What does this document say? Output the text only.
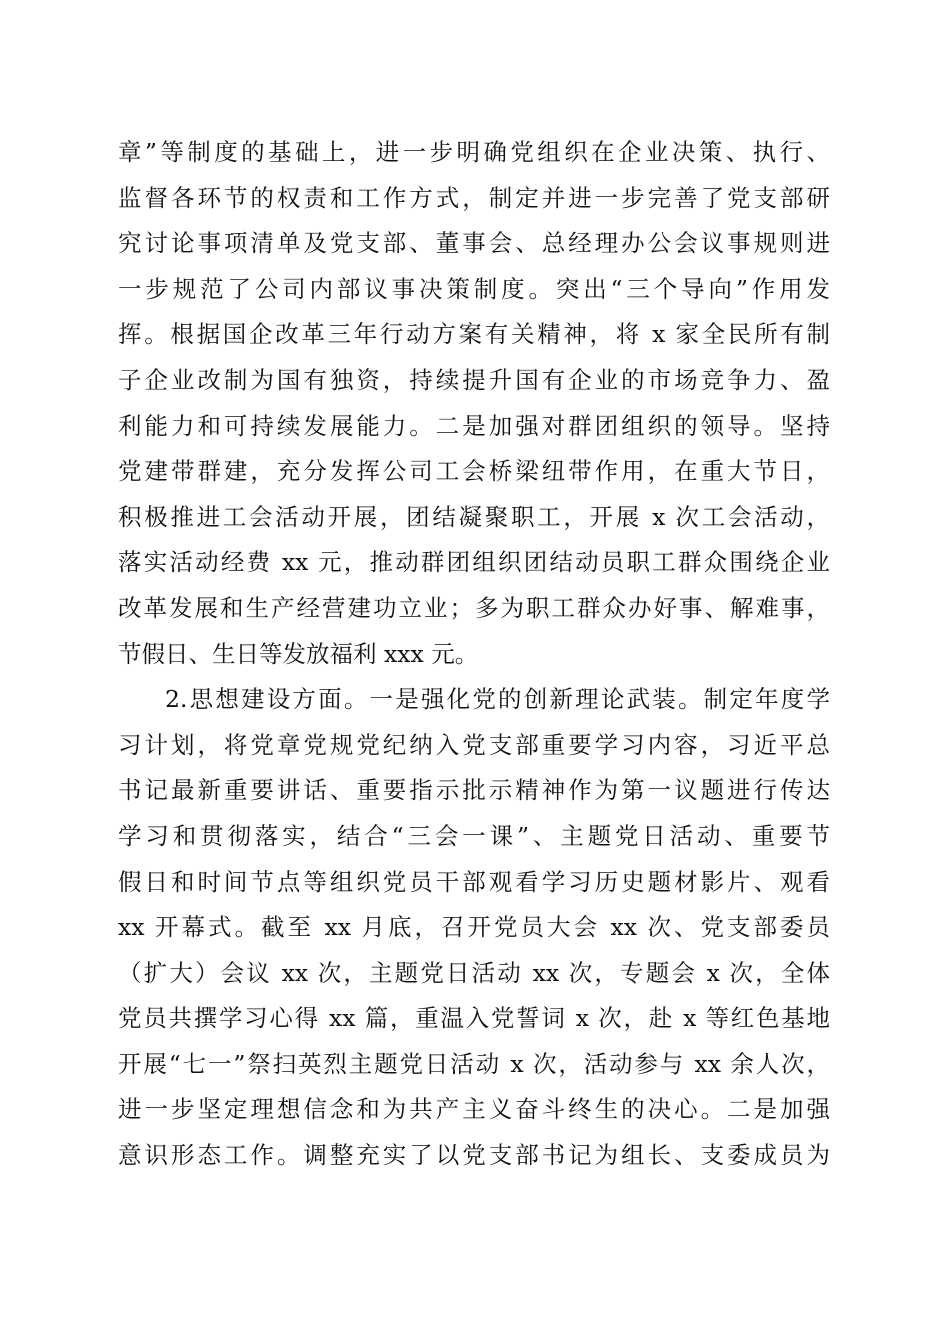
章”等制度的基础上，进一步明确党组织在企业决策、执行、
监督各环节的权责和工作方式，制定并进一步完善了党支部研
究讨论事项清单及党支部、董事会、总经理办公会议事规则进
一步规范了公司内部议事决策制度。突出“三个导向”作用发
挥。根据国企改革三年行动方案有关精神，将 x 家全民所有制
子企业改制为国有独资，持续提升国有企业的市场竞争力、盈
利能力和可持续发展能力。二是加强对群团组织的领导。坚持
党建带群建，充分发挥公司工会桥梁纽带作用，在重大节日，
积极推进工会活动开展，团结凝聚职工，开展 x 次工会活动，
落实活动经费 xx 元，推动群团组织团结动员职工群众围绕企业
改革发展和生产经营建功立业；多为职工群众办好事、解难事，
节假日、生日等发放福利 xxx 元。
2.思想建设方面。一是强化党的创新理论武装。制定年度学
习计划，将党章党规党纪纳入党支部重要学习内容，习近平总
书记最新重要讲话、重要指示批示精神作为第一议题进行传达
学习和贯彻落实，结合“三会一课”、主题党日活动、重要节
假日和时间节点等组织党员干部观看学习历史题材影片、观看
xx 开幕式。截至 xx 月底，召开党员大会 xx 次、党支部委员
（扩大）会议 xx 次，主题党日活动 xx 次，专题会 x 次，全体
党员共撰学习心得 xx 篇，重温入党誓词 x 次，赴 x 等红色基地
开展“七一”祭扫英烈主题党日活动 x 次，活动参与 xx 余人次，
进一步坚定理想信念和为共产主义奋斗终生的决心。二是加强
意识形态工作。调整充实了以党支部书记为组长、支委成员为
